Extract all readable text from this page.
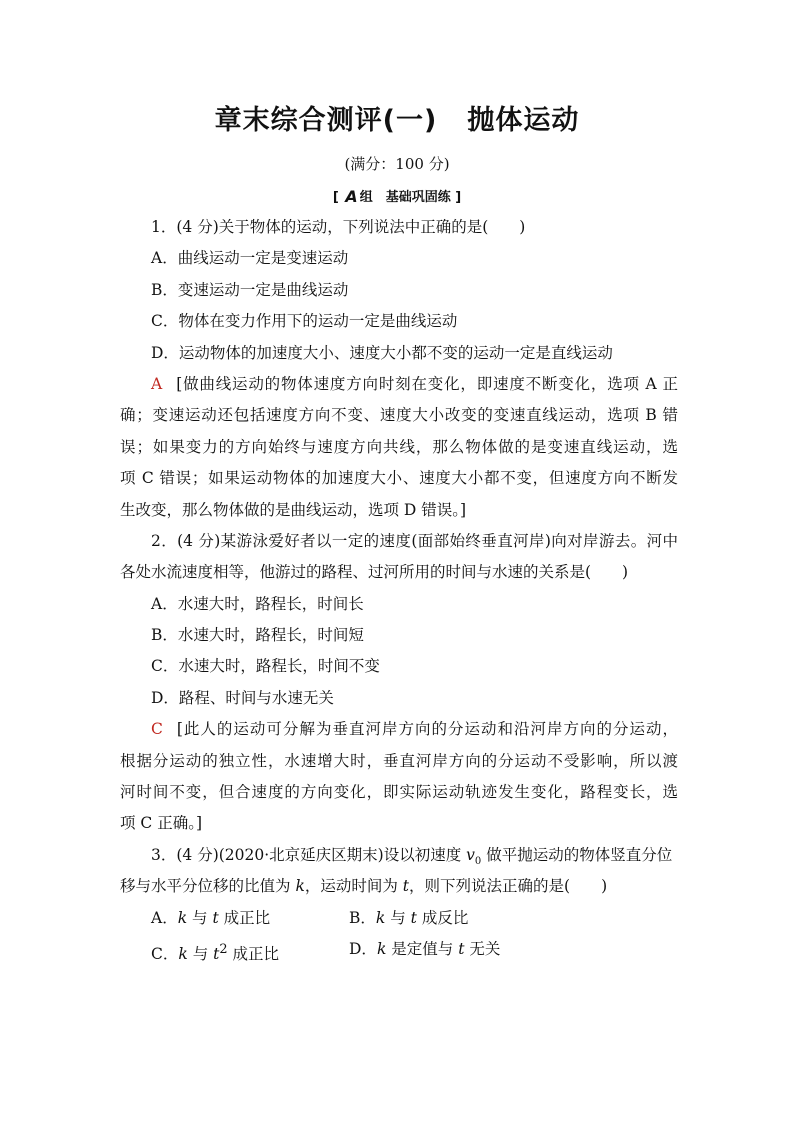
章末综合测评(一) 抛体运动
(满分：100 分)
[ A 组　基础巩固练 ]
1．(4 分)关于物体的运动，下列说法中正确的是(　　)
A．曲线运动一定是变速运动
B．变速运动一定是曲线运动
C．物体在变力作用下的运动一定是曲线运动
D．运动物体的加速度大小、速度大小都不变的运动一定是直线运动
A [做曲线运动的物体速度方向时刻在变化，即速度不断变化，选项 A 正
确；变速运动还包括速度方向不变、速度大小改变的变速直线运动，选项 B 错
误；如果变力的方向始终与速度方向共线，那么物体做的是变速直线运动，选
项 C 错误；如果运动物体的加速度大小、速度大小都不变，但速度方向不断发
生改变，那么物体做的是曲线运动，选项 D 错误。]
2．(4 分)某游泳爱好者以一定的速度(面部始终垂直河岸)向对岸游去。河中
各处水流速度相等，他游过的路程、过河所用的时间与水速的关系是(　　)
A．水速大时，路程长，时间长
B．水速大时，路程长，时间短
C．水速大时，路程长，时间不变
D．路程、时间与水速无关
C [此人的运动可分解为垂直河岸方向的分运动和沿河岸方向的分运动，
根据分运动的独立性，水速增大时，垂直河岸方向的分运动不受影响，所以渡
河时间不变，但合速度的方向变化，即实际运动轨迹发生变化，路程变长，选
项 C 正确。]
3．(4 分)(2020·北京延庆区期末)设以初速度 $v_0$ 做平抛运动的物体竖直分位
移与水平分位移的比值为 k，运动时间为 t，则下列说法正确的是(　　)
A．k 与 t 成正比	B．k 与 t 成反比
C．k 与 $t^2$ 成正比	D．k 是定值与 t 无关
